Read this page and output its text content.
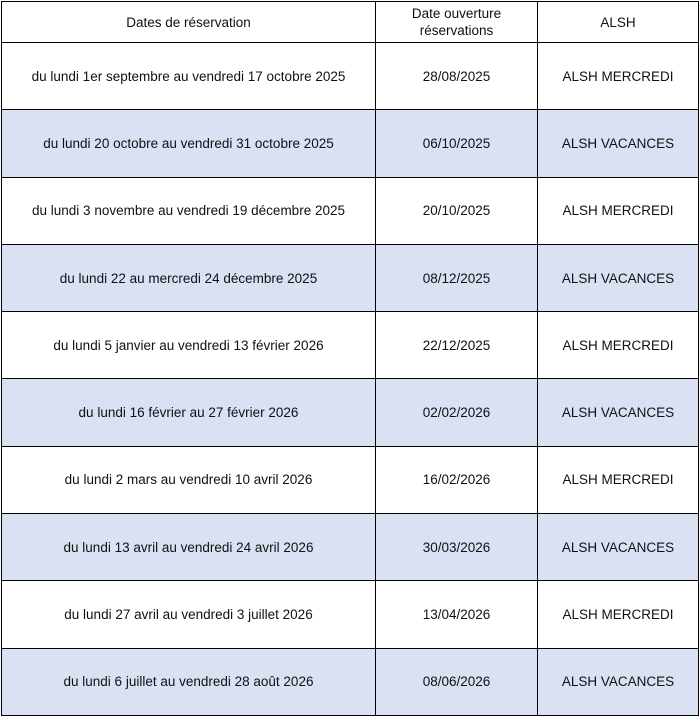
Dates de réservation	Date ouverture réservations	ALSH
du lundi 1er septembre au vendredi 17 octobre 2025	28/08/2025	ALSH MERCREDI
du lundi 20 octobre au vendredi 31 octobre 2025	06/10/2025	ALSH VACANCES
du lundi 3 novembre au vendredi 19 décembre 2025	20/10/2025	ALSH MERCREDI
du lundi 22 au mercredi 24 décembre 2025	08/12/2025	ALSH VACANCES
du lundi 5 janvier au vendredi 13 février 2026	22/12/2025	ALSH MERCREDI
du lundi 16 février au 27 février 2026	02/02/2026	ALSH VACANCES
du lundi 2 mars au vendredi 10 avril 2026	16/02/2026	ALSH MERCREDI
du lundi 13 avril au vendredi 24 avril 2026	30/03/2026	ALSH VACANCES
du lundi 27 avril au vendredi 3 juillet 2026	13/04/2026	ALSH MERCREDI
du lundi 6 juillet au vendredi 28 août 2026	08/06/2026	ALSH VACANCES
